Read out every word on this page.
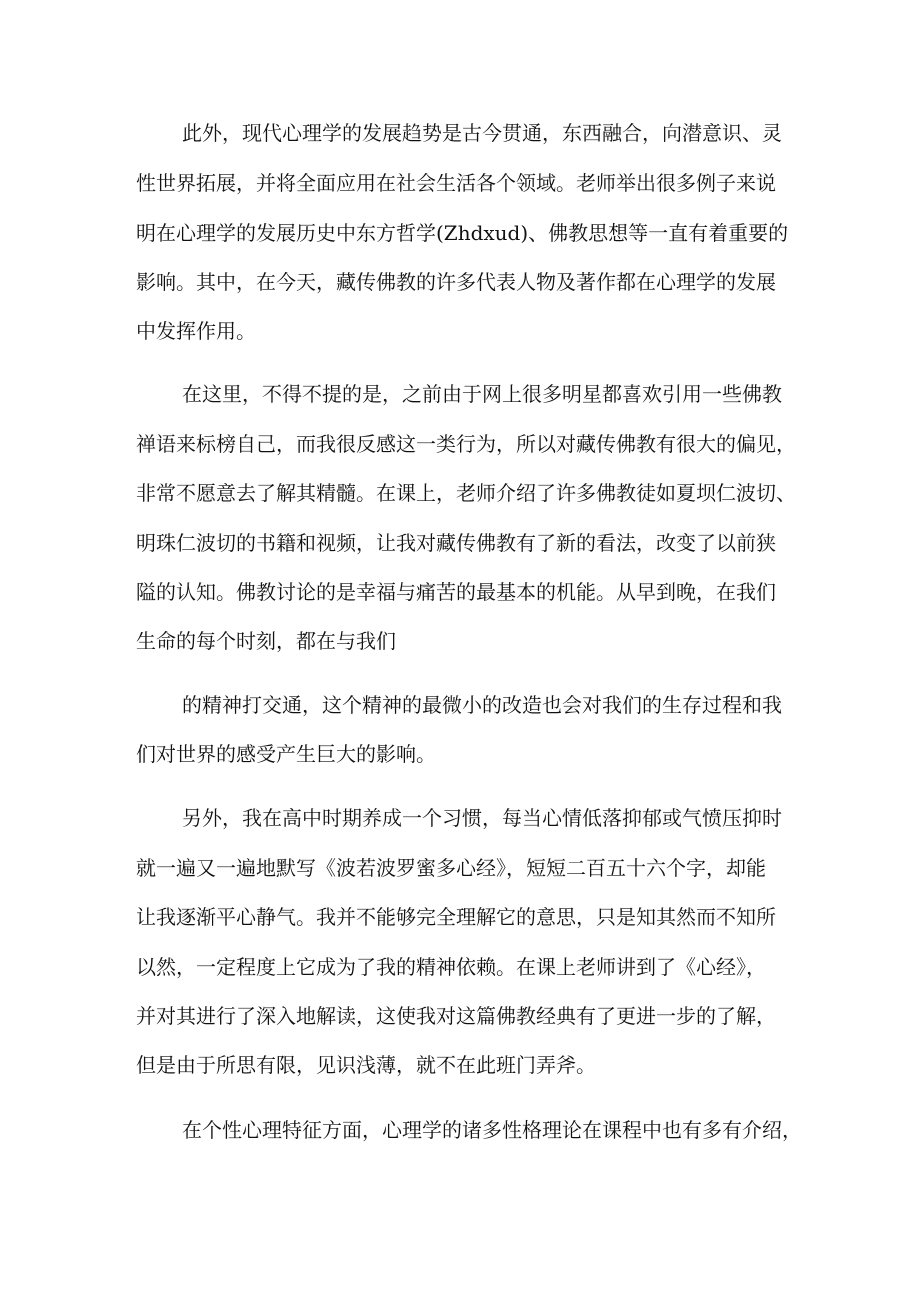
此外，现代心理学的发展趋势是古今贯通，东西融合，向潜意识、灵
性世界拓展，并将全面应用在社会生活各个领域。老师举出很多例子来说
明在心理学的发展历史中东方哲学(Zhdxud)、佛教思想等一直有着重要的
影响。其中，在今天，藏传佛教的许多代表人物及著作都在心理学的发展
中发挥作用。
在这里，不得不提的是，之前由于网上很多明星都喜欢引用一些佛教
禅语来标榜自己，而我很反感这一类行为，所以对藏传佛教有很大的偏见，
非常不愿意去了解其精髓。在课上，老师介绍了许多佛教徒如夏坝仁波切、
明珠仁波切的书籍和视频，让我对藏传佛教有了新的看法，改变了以前狭
隘的认知。佛教讨论的是幸福与痛苦的最基本的机能。从早到晚，在我们
生命的每个时刻，都在与我们
的精神打交通，这个精神的最微小的改造也会对我们的生存过程和我
们对世界的感受产生巨大的影响。
另外，我在高中时期养成一个习惯，每当心情低落抑郁或气愤压抑时
就一遍又一遍地默写《波若波罗蜜多心经》，短短二百五十六个字，却能
让我逐渐平心静气。我并不能够完全理解它的意思，只是知其然而不知所
以然，一定程度上它成为了我的精神依赖。在课上老师讲到了《心经》，
并对其进行了深入地解读，这使我对这篇佛教经典有了更进一步的了解，
但是由于所思有限，见识浅薄，就不在此班门弄斧。
在个性心理特征方面，心理学的诸多性格理论在课程中也有多有介绍，
